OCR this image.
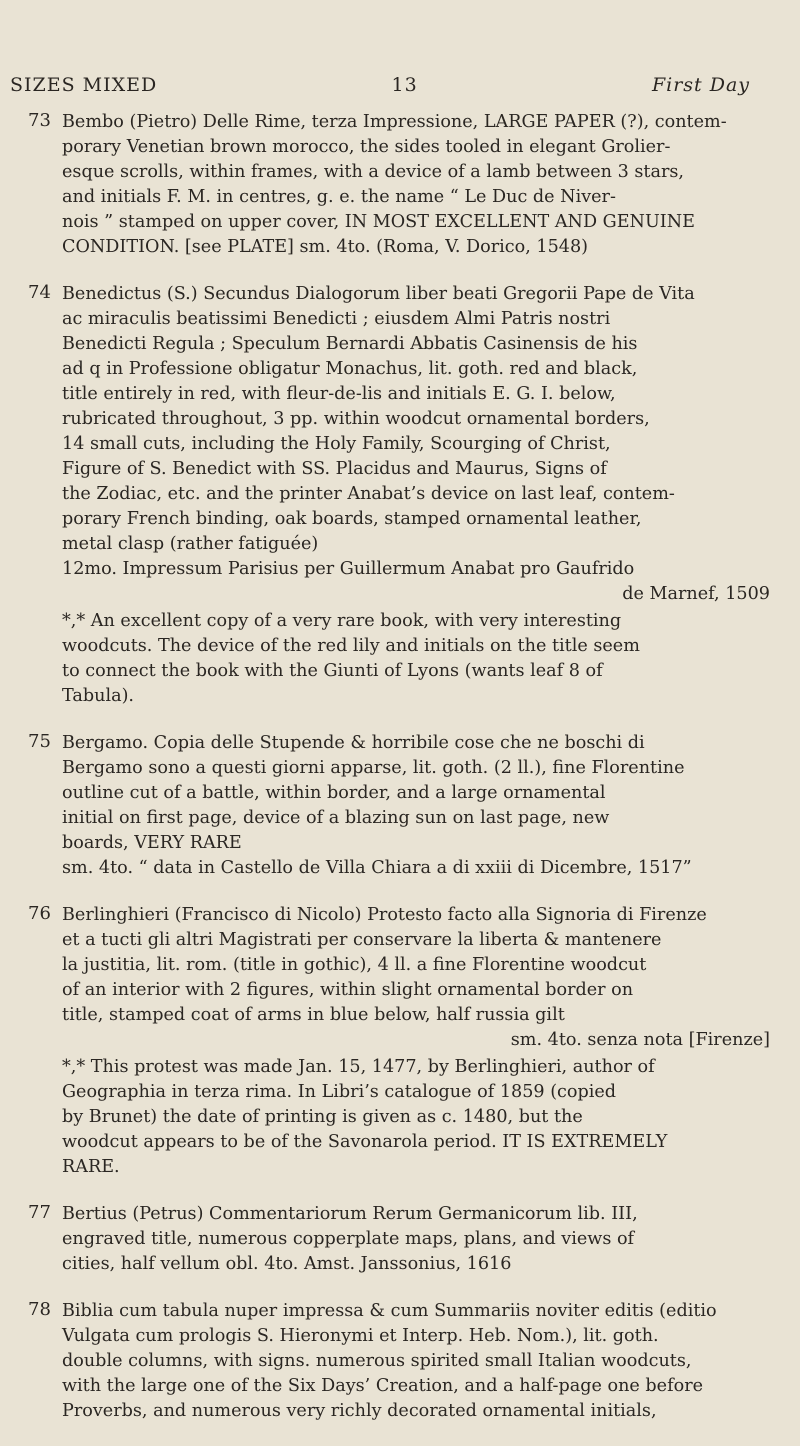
SIZES MIXED	13	First Day
73 Bembo (Pietro) Delle Rime, terza Impressione, LARGE PAPER (?), contem-
porary Venetian brown morocco, the sides tooled in elegant Grolier-
esque scrolls, within frames, with a device of a lamb between 3 stars,
and initials F. M. in centres, g. e. the name “ Le Duc de Niver-
nois ” stamped on upper cover, IN MOST EXCELLENT AND GENUINE
CONDITION. [see PLATE] sm. 4to. (Roma, V. Dorico, 1548)
74 Benedictus (S.) Secundus Dialogorum liber beati Gregorii Pape de Vita
ac miraculis beatissimi Benedicti ; eiusdem Almi Patris nostri
Benedicti Regula ; Speculum Bernardi Abbatis Casinensis de his
ad q in Professione obligatur Monachus, lit. goth. red and black,
title entirely in red, with fleur-de-lis and initials E. G. I. below,
rubricated throughout, 3 pp. within woodcut ornamental borders,
14 small cuts, including the Holy Family, Scourging of Christ,
Figure of S. Benedict with SS. Placidus and Maurus, Signs of
the Zodiac, etc. and the printer Anabat’s device on last leaf, contem-
porary French binding, oak boards, stamped ornamental leather,
metal clasp (rather fatiguée)
12mo. Impressum Parisius per Guillermum Anabat pro Gaufrido
de Marnef, 1509
*,* An excellent copy of a very rare book, with very interesting
woodcuts. The device of the red lily and initials on the title seem
to connect the book with the Giunti of Lyons (wants leaf 8 of
Tabula).
75 Bergamo. Copia delle Stupende & horribile cose che ne boschi di
Bergamo sono a questi giorni apparse, lit. goth. (2 ll.), fine Florentine
outline cut of a battle, within border, and a large ornamental
initial on first page, device of a blazing sun on last page, new
boards, VERY RARE
sm. 4to. “ data in Castello de Villa Chiara a di xxiii di Dicembre, 1517”
76 Berlinghieri (Francisco di Nicolo) Protesto facto alla Signoria di Firenze
et a tucti gli altri Magistrati per conservare la liberta & mantenere
la justitia, lit. rom. (title in gothic), 4 ll. a fine Florentine woodcut
of an interior with 2 figures, within slight ornamental border on
title, stamped coat of arms in blue below, half russia gilt
sm. 4to. senza nota [Firenze]
*,* This protest was made Jan. 15, 1477, by Berlinghieri, author of
Geographia in terza rima. In Libri’s catalogue of 1859 (copied
by Brunet) the date of printing is given as c. 1480, but the
woodcut appears to be of the Savonarola period. IT IS EXTREMELY
RARE.
77 Bertius (Petrus) Commentariorum Rerum Germanicorum lib. III,
engraved title, numerous copperplate maps, plans, and views of
cities, half vellum obl. 4to. Amst. Janssonius, 1616
78 Biblia cum tabula nuper impressa & cum Summariis noviter editis (editio
Vulgata cum prologis S. Hieronymi et Interp. Heb. Nom.), lit. goth.
double columns, with signs. numerous spirited small Italian woodcuts,
with the large one of the Six Days’ Creation, and a half-page one before
Proverbs, and numerous very richly decorated ornamental initials,
